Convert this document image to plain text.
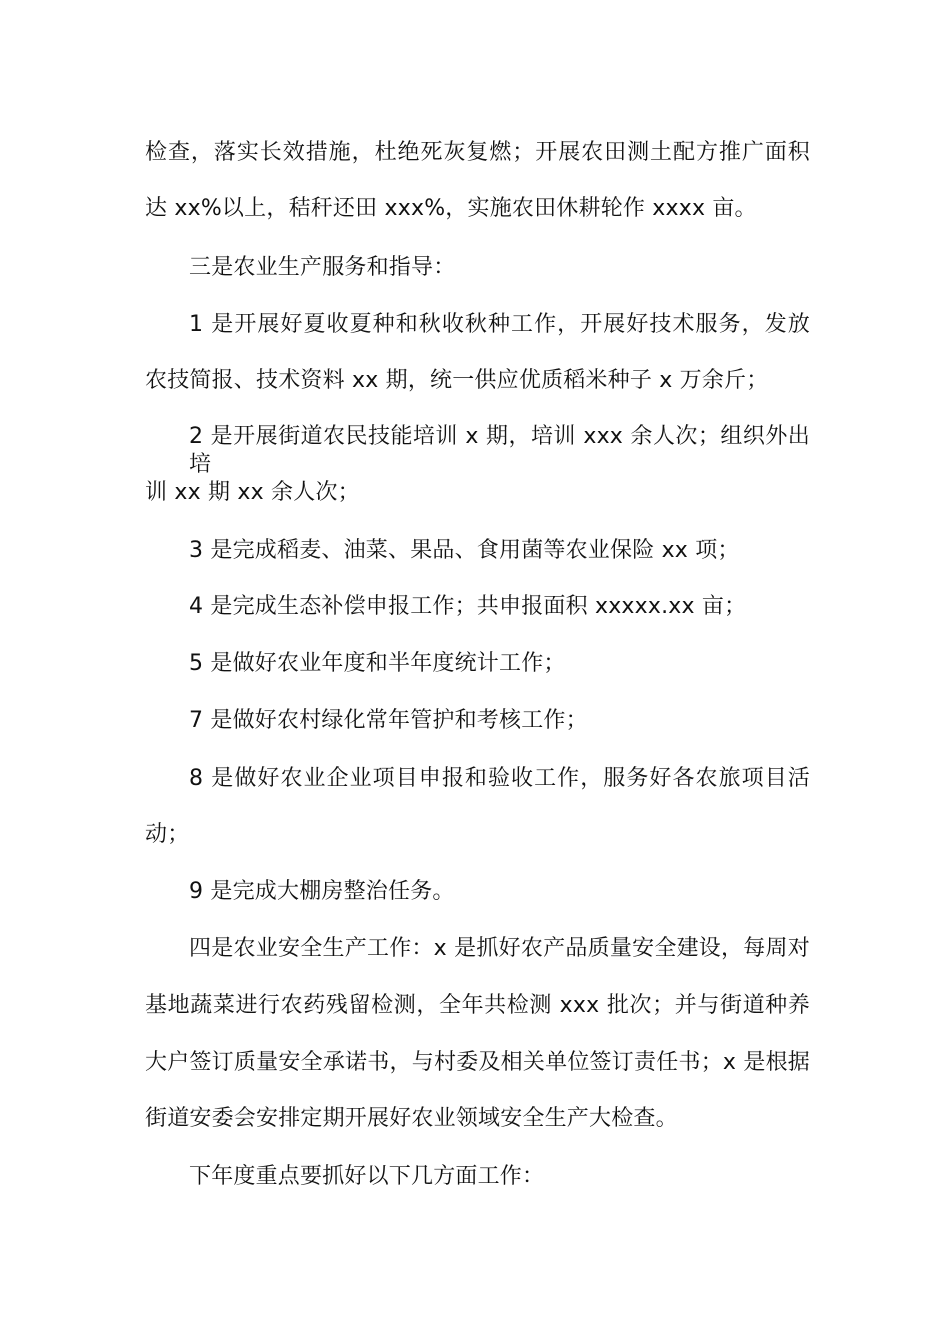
检查，落实长效措施，杜绝死灰复燃；开展农田测土配方推广面积
达 xx%以上，秸秆还田 xxx%，实施农田休耕轮作 xxxx 亩。
三是农业生产服务和指导：
1 是开展好夏收夏种和秋收秋种工作，开展好技术服务，发放
农技简报、技术资料 xx 期，统一供应优质稻米种子 x 万余斤；
2 是开展街道农民技能培训 x 期，培训 xxx 余人次；组织外出培
训 xx 期 xx 余人次；
3 是完成稻麦、油菜、果品、食用菌等农业保险 xx 项；
4 是完成生态补偿申报工作；共申报面积 xxxxx.xx 亩；
5 是做好农业年度和半年度统计工作；
7 是做好农村绿化常年管护和考核工作；
8 是做好农业企业项目申报和验收工作，服务好各农旅项目活
动；
9 是完成大棚房整治任务。
四是农业安全生产工作：x 是抓好农产品质量安全建设，每周对
基地蔬菜进行农药残留检测，全年共检测 xxx 批次；并与街道种养
大户签订质量安全承诺书，与村委及相关单位签订责任书；x 是根据
街道安委会安排定期开展好农业领域安全生产大检查。
下年度重点要抓好以下几方面工作：
